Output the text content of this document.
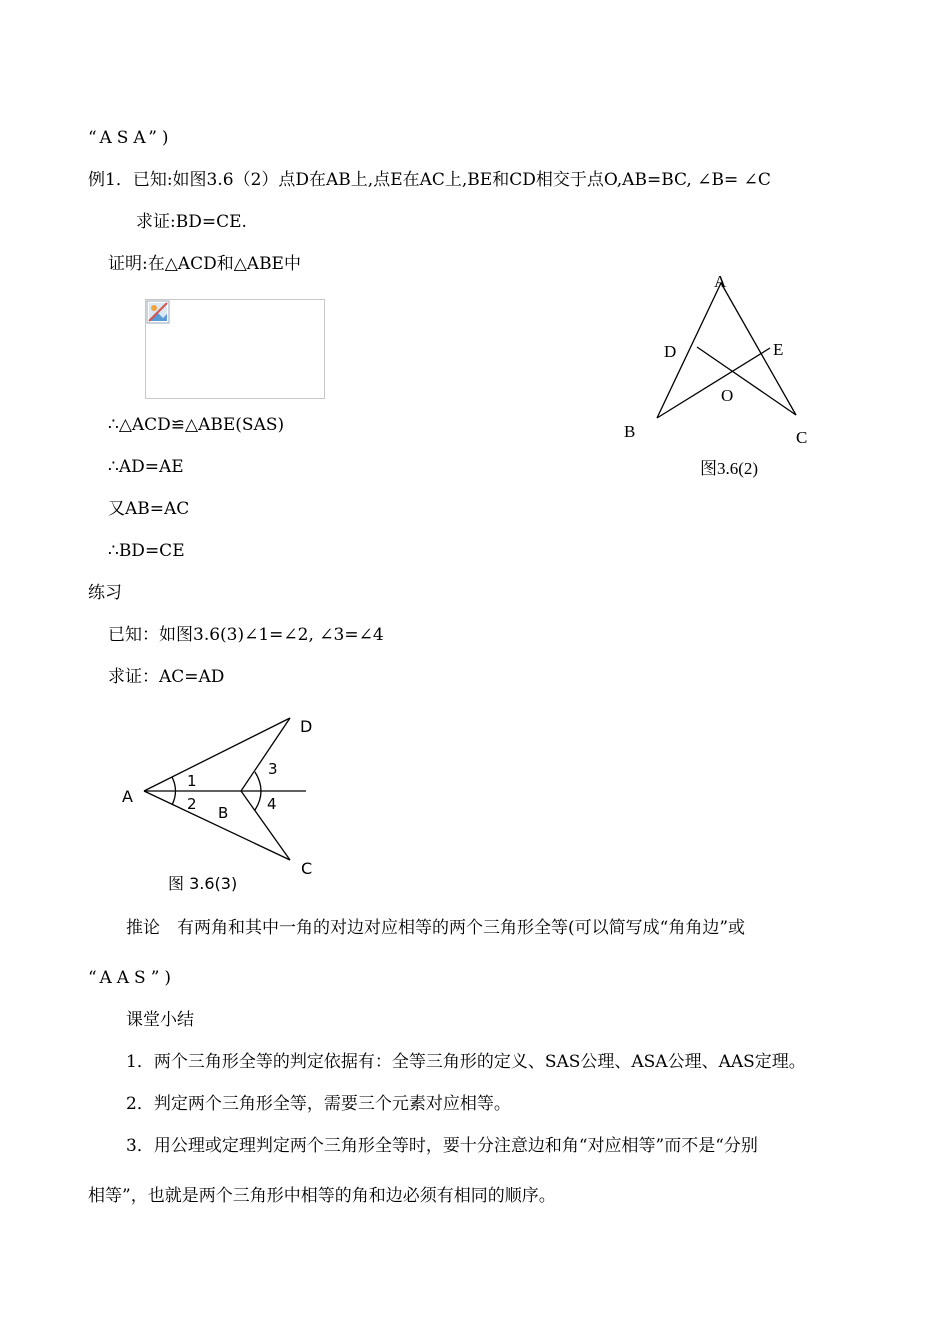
“ASA”)
例1．已知:如图3.6（2）点D在AB上,点E在AC上,BE和CD相交于点O,AB=BC, ∠B= ∠C
求证:BD=CE.
证明:在△ACD和△ABE中
∴△ACD≌△ABE(SAS)
∴AD=AE
又AB=AC
∴BD=CE
练习
已知：如图3.6(3)∠1=∠2, ∠3=∠4
求证：AC=AD
A
D	E
O
B	C
图3.6(2)
A
1
2 B
3
4
D
C
图 3.6(3)
推论　有两角和其中一角的对边对应相等的两个三角形全等(可以简写成“角角边”或
“AAS”)
课堂小结
1．两个三角形全等的判定依据有：全等三角形的定义、SAS公理、ASA公理、AAS定理。
2．判定两个三角形全等，需要三个元素对应相等。
3．用公理或定理判定两个三角形全等时，要十分注意边和角“对应相等”而不是“分别
相等”，也就是两个三角形中相等的角和边必须有相同的顺序。
